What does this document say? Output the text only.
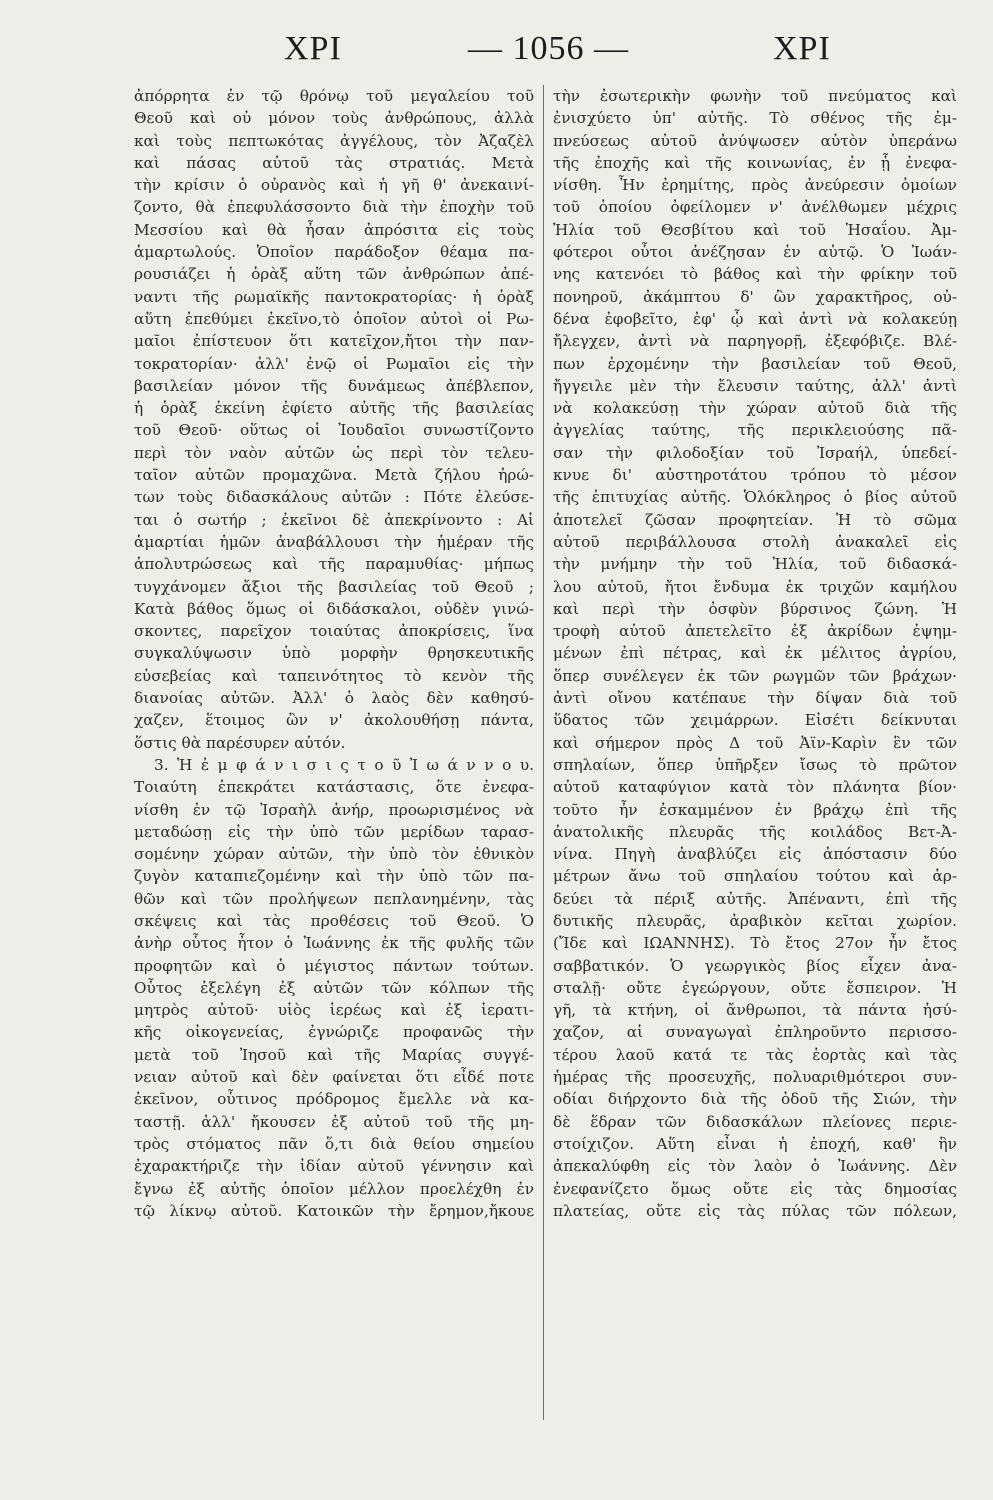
ΧΡΙ	— 1056 —	ΧΡΙ
ἀπόρρητα ἐν τῷ θρόνῳ τοῦ μεγαλείου τοῦ
Θεοῦ καὶ οὐ μόνον τοὺς ἀνθρώπους, ἀλλὰ
καὶ τοὺς πεπτωκότας ἀγγέλους, τὸν Ἀζαζὲλ
καὶ πάσας αὐτοῦ τὰς στρατιάς. Μετὰ
τὴν κρίσιν ὁ οὐρανὸς καὶ ἡ γῆ θ' ἀνεκαινί-
ζοντο, θὰ ἐπεφυλάσσοντο διὰ τὴν ἐποχὴν τοῦ
Μεσσίου καὶ θὰ ἦσαν ἀπρόσιτα εἰς τοὺς
ἁμαρτωλούς. Ὁποῖον παράδοξον θέαμα πα-
ρουσιάζει ἡ ὁρὰξ αὕτη τῶν ἀνθρώπων ἀπέ-
ναντι τῆς ρωμαϊκῆς παντοκρατορίας· ἡ ὁρὰξ
αὕτη ἐπεθύμει ἐκεῖνο,τὸ ὁποῖον αὐτοὶ οἱ Ρω-
μαῖοι ἐπίστευον ὅτι κατεῖχον,ἤτοι τὴν παν-
τοκρατορίαν· ἀλλ' ἐνῷ οἱ Ρωμαῖοι εἰς τὴν
βασιλείαν μόνον τῆς δυνάμεως ἀπέβλεπον,
ἡ ὁρὰξ ἐκείνη ἐφίετο αὐτῆς τῆς βασιλείας
τοῦ Θεοῦ· οὕτως οἱ Ἰουδαῖοι συνωστίζοντο
περὶ τὸν ναὸν αὐτῶν ὡς περὶ τὸν τελευ-
ταῖον αὐτῶν προμαχῶνα. Μετὰ ζήλου ἠρώ-
των τοὺς διδασκάλους αὐτῶν : Πότε ἐλεύσε-
ται ὁ σωτήρ ; ἐκεῖνοι δὲ ἀπεκρίνοντο : Αἱ
ἁμαρτίαι ἡμῶν ἀναβάλλουσι τὴν ἡμέραν τῆς
ἀπολυτρώσεως καὶ τῆς παραμυθίας· μήπως
τυγχάνομεν ἄξιοι τῆς βασιλείας τοῦ Θεοῦ ;
Κατὰ βάθος ὅμως οἱ διδάσκαλοι, οὐδὲν γινώ-
σκοντες, παρεῖχον τοιαύτας ἀποκρίσεις, ἵνα
συγκαλύψωσιν ὑπὸ μορφὴν θρησκευτικῆς
εὐσεβείας καὶ ταπεινότητος τὸ κενὸν τῆς
διανοίας αὐτῶν. Ἀλλ' ὁ λαὸς δὲν καθησύ-
χαζεν, ἕτοιμος ὢν ν' ἀκολουθήσῃ πάντα,
ὅστις θὰ παρέσυρεν αὐτόν.
3. Ἡ ἐ μ φ ά ν ι σ ι ς τ ο ῦ Ἰ ω ά ν ν ο υ.
Τοιαύτη ἐπεκράτει κατάστασις, ὅτε ἐνεφα-
νίσθη ἐν τῷ Ἰσραὴλ ἀνήρ, προωρισμένος νὰ
μεταδώσῃ εἰς τὴν ὑπὸ τῶν μερίδων ταρασ-
σομένην χώραν αὐτῶν, τὴν ὑπὸ τὸν ἐθνικὸν
ζυγὸν καταπιεζομένην καὶ τὴν ὑπὸ τῶν πα-
θῶν καὶ τῶν προλήψεων πεπλανημένην, τὰς
σκέψεις καὶ τὰς προθέσεις τοῦ Θεοῦ. Ὁ
ἀνὴρ οὗτος ἦτον ὁ Ἰωάννης ἐκ τῆς φυλῆς τῶν
προφητῶν καὶ ὁ μέγιστος πάντων τούτων.
Οὗτος ἐξελέγη ἐξ αὐτῶν τῶν κόλπων τῆς
μητρὸς αὐτοῦ· υἱὸς ἱερέως καὶ ἐξ ἱερατι-
κῆς οἰκογενείας, ἐγνώριζε προφανῶς τὴν
μετὰ τοῦ Ἰησοῦ καὶ τῆς Μαρίας συγγέ-
νειαν αὐτοῦ καὶ δὲν φαίνεται ὅτι εἶδέ ποτε
ἐκεῖνον, οὗτινος πρόδρομος ἔμελλε νὰ κα-
ταστῇ. ἀλλ' ἤκουσεν ἐξ αὐτοῦ τοῦ τῆς μη-
τρὸς στόματος πᾶν ὅ,τι διὰ θείου σημείου
ἐχαρακτήριζε τὴν ἰδίαν αὐτοῦ γέννησιν καὶ
ἔγνω ἐξ αὐτῆς ὁποῖον μέλλον προελέχθη ἐν
τῷ λίκνῳ αὐτοῦ. Κατοικῶν τὴν ἔρημον,ἤκουε
τὴν ἐσωτερικὴν φωνὴν τοῦ πνεύματος καὶ
ἐνισχύετο ὑπ' αὐτῆς. Τὸ σθένος τῆς ἐμ-
πνεύσεως αὐτοῦ ἀνύψωσεν αὐτὸν ὑπεράνω
τῆς ἐποχῆς καὶ τῆς κοινωνίας, ἐν ᾗ ἐνεφα-
νίσθη. Ἦν ἐρημίτης, πρὸς ἀνεύρεσιν ὁμοίων
τοῦ ὁποίου ὀφείλομεν ν' ἀνέλθωμεν μέχρις
Ἠλία τοῦ Θεσβίτου καὶ τοῦ Ἡσαΐου. Ἀμ-
φότεροι οὗτοι ἀνέζησαν ἐν αὐτῷ. Ὁ Ἰωάν-
νης κατενόει τὸ βάθος καὶ τὴν φρίκην τοῦ
πονηροῦ, ἀκάμπτου δ' ὢν χαρακτῆρος, οὐ-
δένα ἐφοβεῖτο, ἐφ' ᾧ καὶ ἀντὶ νὰ κολακεύῃ
ἤλεγχεν, ἀντὶ νὰ παρηγορῇ, ἐξεφόβιζε. Βλέ-
πων ἐρχομένην τὴν βασιλείαν τοῦ Θεοῦ,
ἤγγειλε μὲν τὴν ἔλευσιν ταύτης, ἀλλ' ἀντὶ
νὰ κολακεύσῃ τὴν χώραν αὐτοῦ διὰ τῆς
ἀγγελίας ταύτης, τῆς περικλειούσης πᾶ-
σαν τὴν φιλοδοξίαν τοῦ Ἰσραήλ, ὑπεδεί-
κνυε δι' αὐστηροτάτου τρόπου τὸ μέσον
τῆς ἐπιτυχίας αὐτῆς. Ὁλόκληρος ὁ βίος αὐτοῦ
ἀποτελεῖ ζῶσαν προφητείαν. Ἡ τὸ σῶμα
αὐτοῦ περιβάλλουσα στολὴ ἀνακαλεῖ εἰς
τὴν μνήμην τὴν τοῦ Ἠλία, τοῦ διδασκά-
λου αὐτοῦ, ἤτοι ἔνδυμα ἐκ τριχῶν καμήλου
καὶ περὶ τὴν ὀσφὺν βύρσινος ζώνη. Ἡ
τροφὴ αὐτοῦ ἀπετελεῖτο ἐξ ἀκρίδων ἐψημ-
μένων ἐπὶ πέτρας, καὶ ἐκ μέλιτος ἀγρίου,
ὅπερ συνέλεγεν ἐκ τῶν ρωγμῶν τῶν βράχων·
ἀντὶ οἴνου κατέπαυε τὴν δίψαν διὰ τοῦ
ὕδατος τῶν χειμάρρων. Εἰσέτι δείκνυται
καὶ σήμερον πρὸς Δ τοῦ Ἀϊν-Καρὶν ἓν τῶν
σπηλαίων, ὅπερ ὑπῆρξεν ἴσως τὸ πρῶτον
αὐτοῦ καταφύγιον κατὰ τὸν πλάνητα βίον·
τοῦτο ἦν ἐσκαμμένον ἐν βράχῳ ἐπὶ τῆς
ἀνατολικῆς πλευρᾶς τῆς κοιλάδος Βετ-Ἀ-
νίνα. Πηγὴ ἀναβλύζει εἰς ἀπόστασιν δύο
μέτρων ἄνω τοῦ σπηλαίου τούτου καὶ ἀρ-
δεύει τὰ πέριξ αὐτῆς. Ἀπέναντι, ἐπὶ τῆς
δυτικῆς πλευρᾶς, ἀραβικὸν κεῖται χωρίον.
(Ἴδε καὶ ΙΩΑΝΝΗΣ). Τὸ ἔτος 27ον ἦν ἔτος
σαββατικόν. Ὁ γεωργικὸς βίος εἶχεν ἀνα-
σταλῇ· οὔτε ἐγεώργουν, οὔτε ἔσπειρον. Ἡ
γῆ, τὰ κτήνη, οἱ ἄνθρωποι, τὰ πάντα ἡσύ-
χαζον, αἱ συναγωγαὶ ἐπληροῦντο περισσο-
τέρου λαοῦ κατά τε τὰς ἑορτὰς καὶ τὰς
ἡμέρας τῆς προσευχῆς, πολυαριθμότεροι συν-
οδίαι διήρχοντο διὰ τῆς ὁδοῦ τῆς Σιών, τὴν
δὲ ἕδραν τῶν διδασκάλων πλείονες περιε-
στοίχιζον. Αὕτη εἶναι ἡ ἐποχή, καθ' ἣν
ἀπεκαλύφθη εἰς τὸν λαὸν ὁ Ἰωάννης. Δὲν
ἐνεφανίζετο ὅμως οὔτε εἰς τὰς δημοσίας
πλατείας, οὔτε εἰς τὰς πύλας τῶν πόλεων,
